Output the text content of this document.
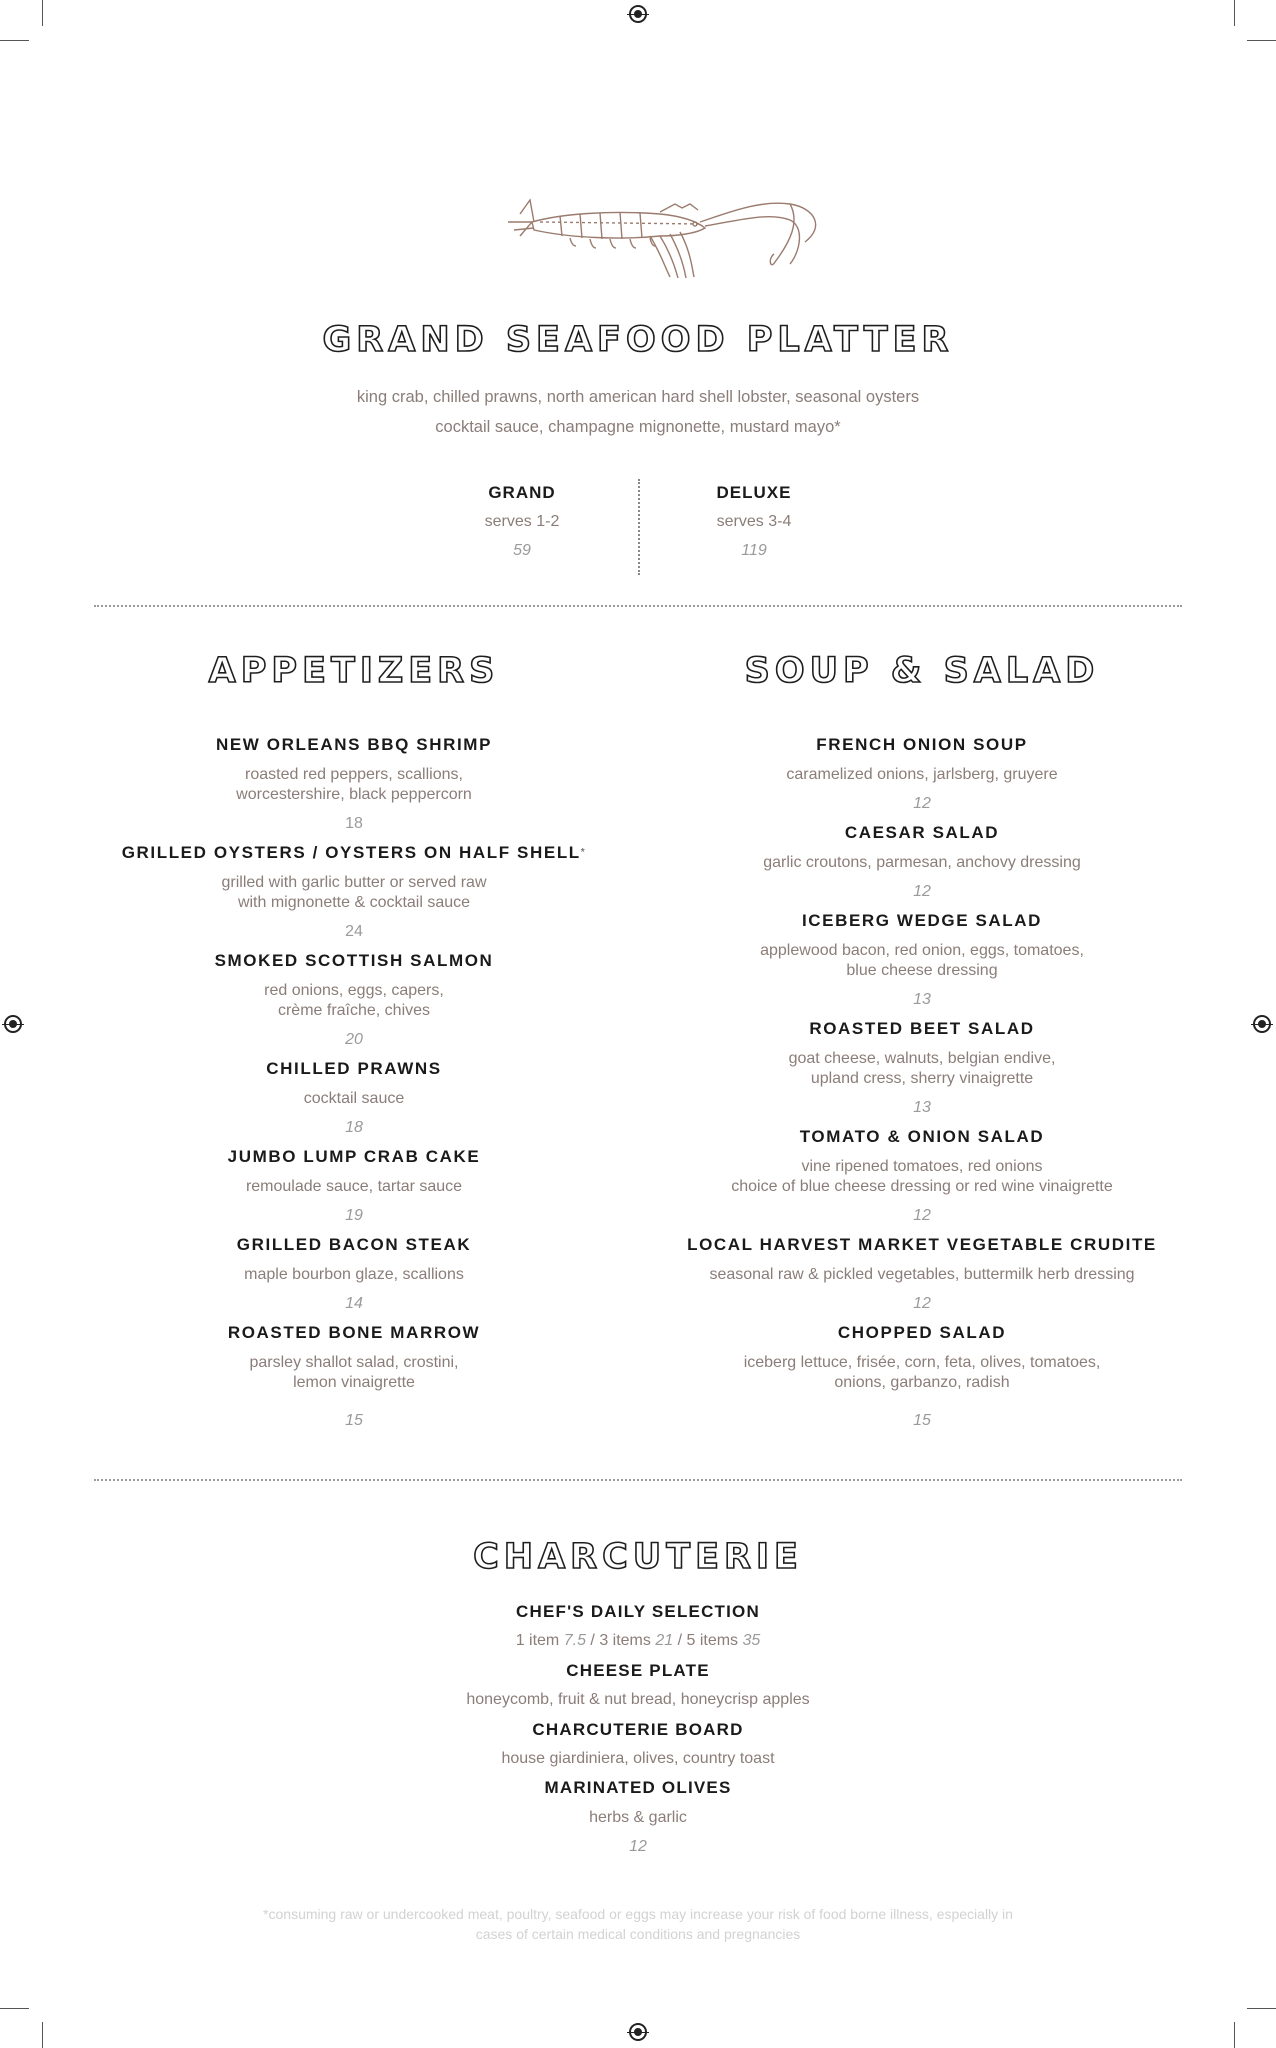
GRAND SEAFOOD PLATTER
king crab, chilled prawns, north american hard shell lobster, seasonal oysters
cocktail sauce, champagne mignonette, mustard mayo*
GRAND
serves 1-2
59
DELUXE
serves 3-4
119
APPETIZERS	SOUP & SALAD
NEW ORLEANS BBQ SHRIMP
roasted red peppers, scallions,
worcestershire, black peppercorn
18
GRILLED OYSTERS / OYSTERS ON HALF SHELL*
grilled with garlic butter or served raw
with mignonette & cocktail sauce
24
SMOKED SCOTTISH SALMON
red onions, eggs, capers,
crème fraîche, chives
20
CHILLED PRAWNS
cocktail sauce
18
JUMBO LUMP CRAB CAKE
remoulade sauce, tartar sauce
19
GRILLED BACON STEAK
maple bourbon glaze, scallions
14
ROASTED BONE MARROW
parsley shallot salad, crostini,
lemon vinaigrette
15
FRENCH ONION SOUP
caramelized onions, jarlsberg, gruyere
12
CAESAR SALAD
garlic croutons, parmesan, anchovy dressing
12
ICEBERG WEDGE SALAD
applewood bacon, red onion, eggs, tomatoes,
blue cheese dressing
13
ROASTED BEET SALAD
goat cheese, walnuts, belgian endive,
upland cress, sherry vinaigrette
13
TOMATO & ONION SALAD
vine ripened tomatoes, red onions
choice of blue cheese dressing or red wine vinaigrette
12
LOCAL HARVEST MARKET VEGETABLE CRUDITE
seasonal raw & pickled vegetables, buttermilk herb dressing
12
CHOPPED SALAD
iceberg lettuce, frisée, corn, feta, olives, tomatoes,
onions, garbanzo, radish
15
CHARCUTERIE
CHEF'S DAILY SELECTION
1 item 7.5 / 3 items 21 / 5 items 35
CHEESE PLATE
honeycomb, fruit & nut bread, honeycrisp apples
CHARCUTERIE BOARD
house giardiniera, olives, country toast
MARINATED OLIVES
herbs & garlic
12
*consuming raw or undercooked meat, poultry, seafood or eggs may increase your risk of food borne illness, especially in
cases of certain medical conditions and pregnancies
